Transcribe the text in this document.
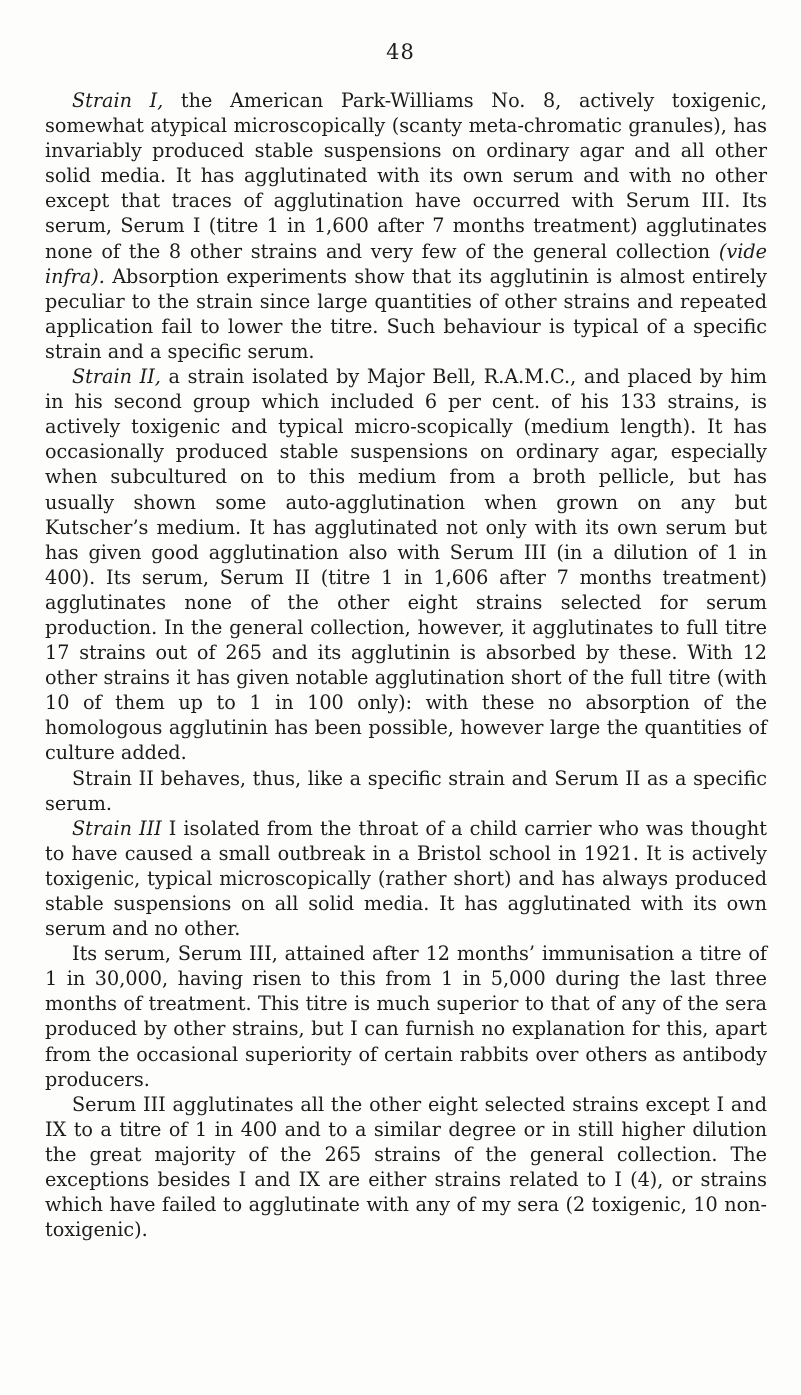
48

Strain I, the American Park-Williams No. 8, actively toxigenic, somewhat atypical microscopically (scanty meta-chromatic granules), has invariably produced stable suspensions on ordinary agar and all other solid media. It has agglutinated with its own serum and with no other except that traces of agglutination have occurred with Serum III. Its serum, Serum I (titre 1 in 1,600 after 7 months treatment) agglutinates none of the 8 other strains and very few of the general collection (vide infra). Absorption experiments show that its agglutinin is almost entirely peculiar to the strain since large quantities of other strains and repeated application fail to lower the titre. Such behaviour is typical of a specific strain and a specific serum.

Strain II, a strain isolated by Major Bell, R.A.M.C., and placed by him in his second group which included 6 per cent. of his 133 strains, is actively toxigenic and typical micro-scopically (medium length). It has occasionally produced stable suspensions on ordinary agar, especially when subcultured on to this medium from a broth pellicle, but has usually shown some auto-agglutination when grown on any but Kutscher’s medium. It has agglutinated not only with its own serum but has given good agglutination also with Serum III (in a dilution of 1 in 400). Its serum, Serum II (titre 1 in 1,606 after 7 months treatment) agglutinates none of the other eight strains selected for serum production. In the general collection, however, it agglutinates to full titre 17 strains out of 265 and its agglutinin is absorbed by these. With 12 other strains it has given notable agglutination short of the full titre (with 10 of them up to 1 in 100 only): with these no absorption of the homologous agglutinin has been possible, however large the quantities of culture added.

Strain II behaves, thus, like a specific strain and Serum II as a specific serum.

Strain III I isolated from the throat of a child carrier who was thought to have caused a small outbreak in a Bristol school in 1921. It is actively toxigenic, typical microscopically (rather short) and has always produced stable suspensions on all solid media. It has agglutinated with its own serum and no other.

Its serum, Serum III, attained after 12 months’ immunisation a titre of 1 in 30,000, having risen to this from 1 in 5,000 during the last three months of treatment. This titre is much superior to that of any of the sera produced by other strains, but I can furnish no explanation for this, apart from the occasional superiority of certain rabbits over others as antibody producers.

Serum III agglutinates all the other eight selected strains except I and IX to a titre of 1 in 400 and to a similar degree or in still higher dilution the great majority of the 265 strains of the general collection. The exceptions besides I and IX are either strains related to I (4), or strains which have failed to agglutinate with any of my sera (2 toxigenic, 10 non-toxigenic).
